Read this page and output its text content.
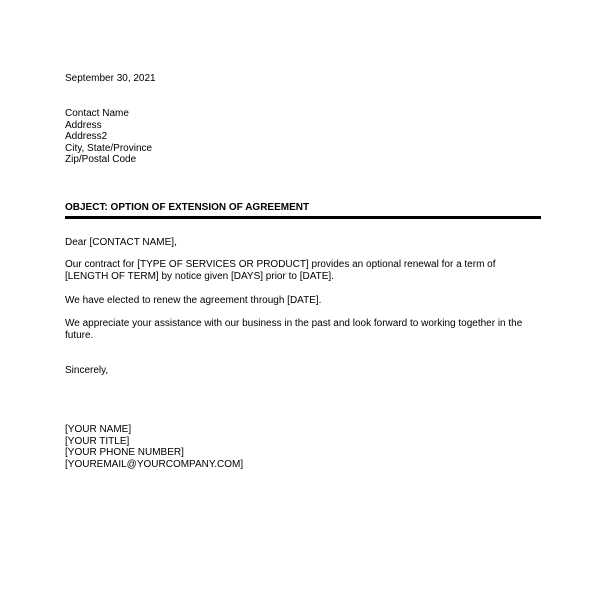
September 30, 2021
Contact Name
Address
Address2
City, State/Province
Zip/Postal Code
OBJECT: OPTION OF EXTENSION OF AGREEMENT
Dear [CONTACT NAME],
Our contract for [TYPE OF SERVICES OR PRODUCT] provides an optional renewal for a term of
[LENGTH OF TERM] by notice given [DAYS] prior to [DATE].
We have elected to renew the agreement through [DATE].
We appreciate your assistance with our business in the past and look forward to working together in the
future.
Sincerely,
[YOUR NAME]
[YOUR TITLE]
[YOUR PHONE NUMBER]
[YOUREMAIL@YOURCOMPANY.COM]
